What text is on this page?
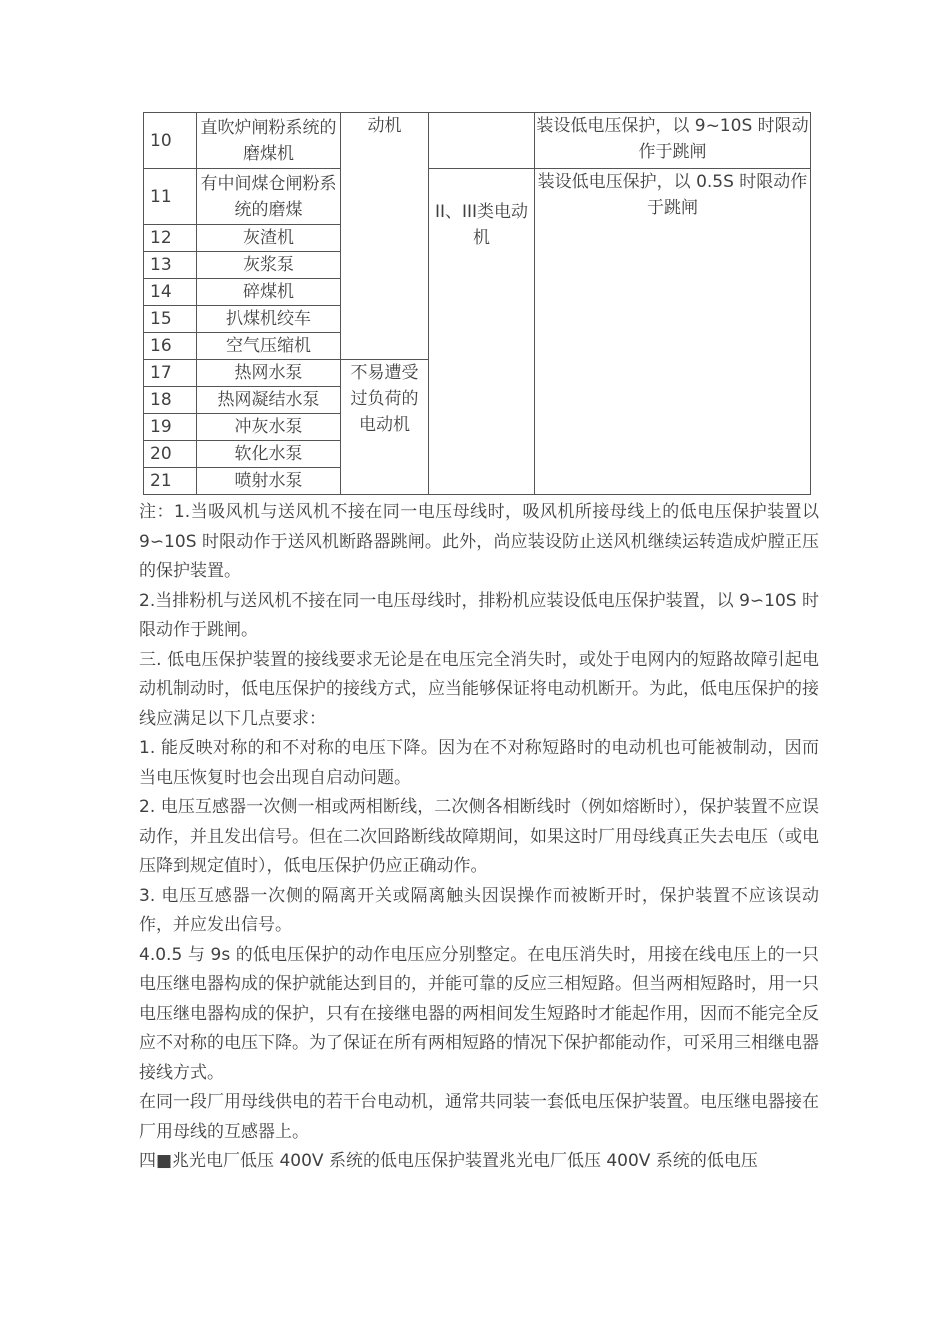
10	直吹炉闸粉系统的磨煤机	动机		装设低电压保护，以 9~10S 时限动作于跳闸
11	有中间煤仓闸粉系统的磨煤		II、III类电动机	装设低电压保护，以 0.5S 时限动作于跳闸
12	灰渣机			
13	灰浆泵			
14	碎煤机			
15	扒煤机绞车			
16	空气压缩机			
17	热网水泵	不易遭受过负荷的电动机		
18	热网凝结水泵			
19	冲灰水泵			
20	软化水泵			
21	喷射水泵			

注：1.当吸风机与送风机不接在同一电压母线时，吸风机所接母线上的低电压保护装置以 9∽10S 时限动作于送风机断路器跳闸。此外，尚应装设防止送风机继续运转造成炉膛正压的保护装置。

2.当排粉机与送风机不接在同一电压母线时，排粉机应装设低电压保护装置，以 9∽10S 时限动作于跳闸。

三. 低电压保护装置的接线要求无论是在电压完全消失时，或处于电网内的短路故障引起电动机制动时，低电压保护的接线方式，应当能够保证将电动机断开。为此，低电压保护的接线应满足以下几点要求：

1. 能反映对称的和不对称的电压下降。因为在不对称短路时的电动机也可能被制动，因而当电压恢复时也会出现自启动问题。

2. 电压互感器一次侧一相或两相断线，二次侧各相断线时（例如熔断时），保护装置不应误动作，并且发出信号。但在二次回路断线故障期间，如果这时厂用母线真正失去电压（或电压降到规定值时），低电压保护仍应正确动作。

3. 电压互感器一次侧的隔离开关或隔离触头因误操作而被断开时，保护装置不应该误动作，并应发出信号。

4.0.5 与 9s 的低电压保护的动作电压应分别整定。在电压消失时，用接在线电压上的一只电压继电器构成的保护就能达到目的，并能可靠的反应三相短路。但当两相短路时，用一只电压继电器构成的保护，只有在接继电器的两相间发生短路时才能起作用，因而不能完全反应不对称的电压下降。为了保证在所有两相短路的情况下保护都能动作，可采用三相继电器接线方式。

在同一段厂用母线供电的若干台电动机，通常共同装一套低电压保护装置。电压继电器接在厂用母线的互感器上。

四■兆光电厂低压 400V 系统的低电压保护装置兆光电厂低压 400V 系统的低电压
